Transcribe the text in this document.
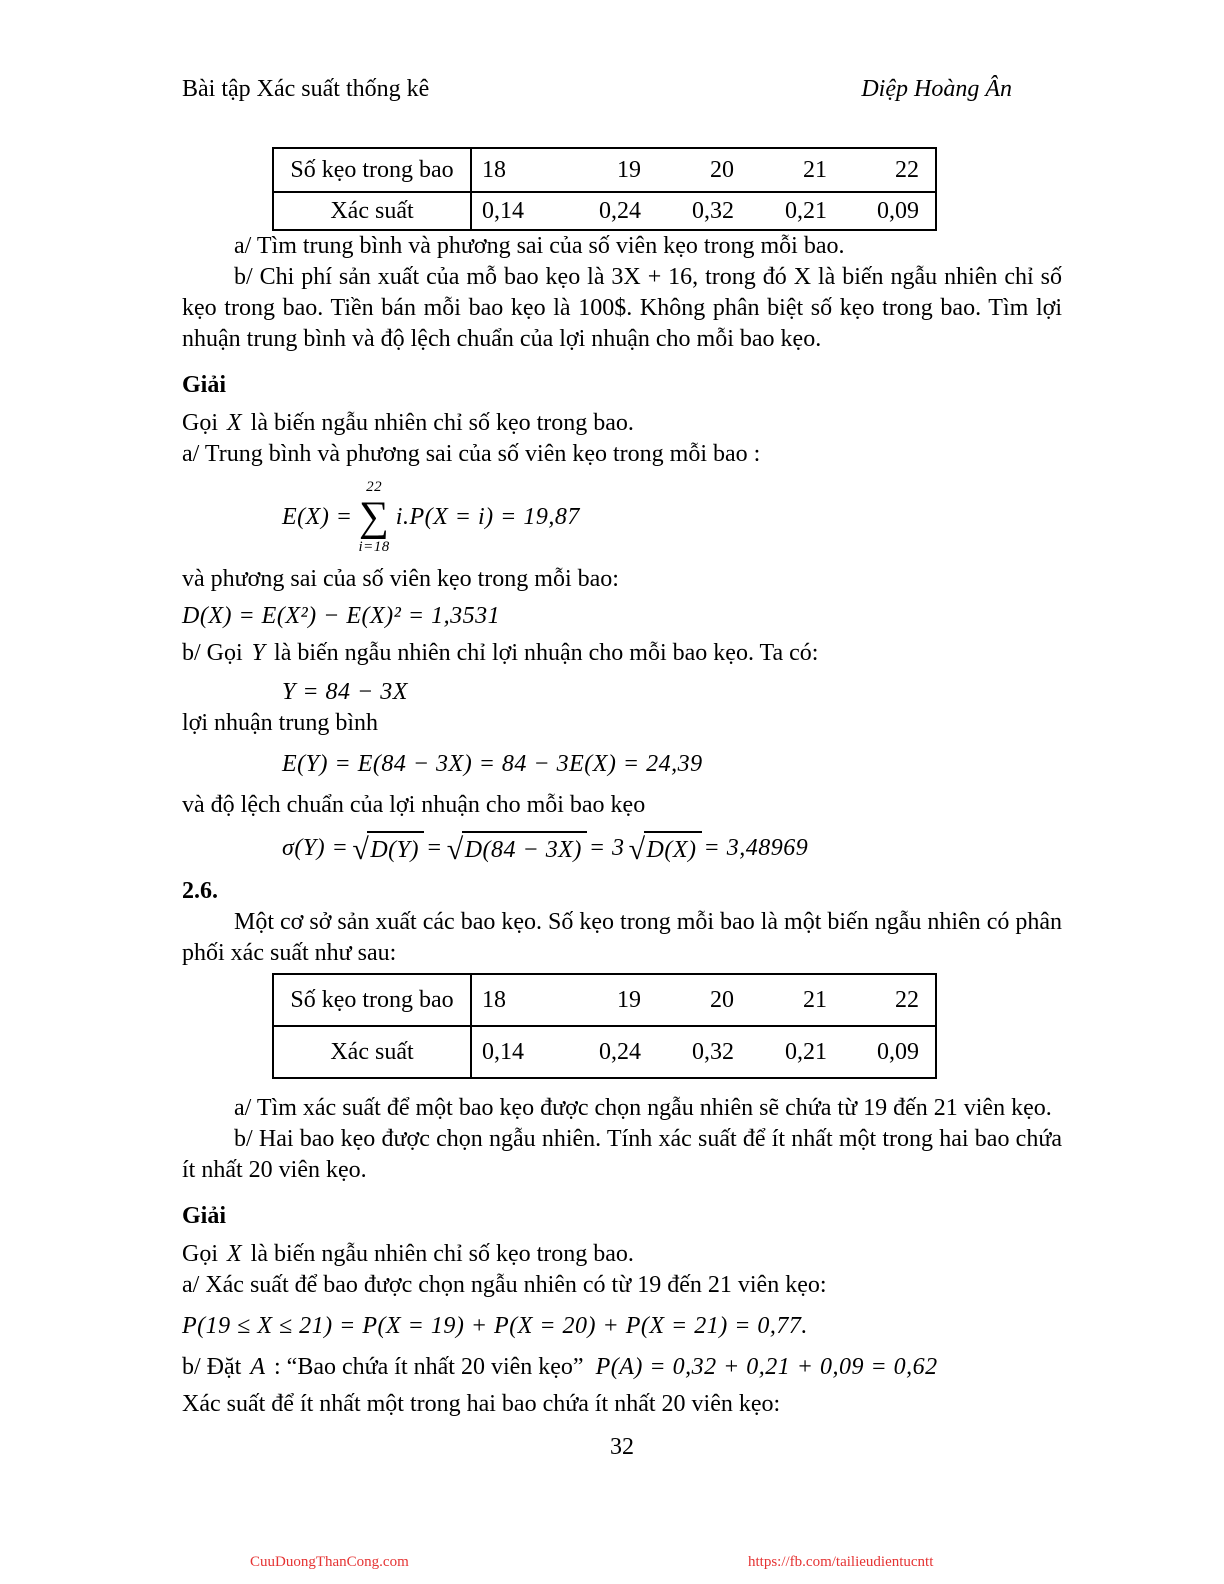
Bài tập Xác suất thống kê	Diệp Hoàng Ân
Số kẹo trong bao	18	19	20	21	22
Xác suất	0,14	0,24	0,32	0,21	0,09

a/ Tìm trung bình và phương sai của số viên kẹo trong mỗi bao.

b/ Chi phí sản xuất của mỗ bao kẹo là 3X + 16, trong đó X là biến ngẫu nhiên chỉ số kẹo trong bao. Tiền bán mỗi bao kẹo là 100$. Không phân biệt số kẹo trong bao. Tìm lợi nhuận trung bình và độ lệch chuẩn của lợi nhuận cho mỗi bao kẹo.

Giải

Gọi X là biến ngẫu nhiên chỉ số kẹo trong bao.

a/ Trung bình và phương sai của số viên kẹo trong mỗi bao :

E(X) =
22
∑
i=18
i.P(X = i) = 19,87

và phương sai của số viên kẹo trong mỗi bao:

D(X) = E(X²) − E(X)² = 1,3531

b/ Gọi Y là biến ngẫu nhiên chỉ lợi nhuận cho mỗi bao kẹo. Ta có:

Y = 84 − 3X

lợi nhuận trung bình

E(Y) = E(84 − 3X) = 84 − 3E(X) = 24,39

và độ lệch chuẩn của lợi nhuận cho mỗi bao kẹo

σ(Y) = √ D(Y) = √ D(84 − 3X) = 3 √ D(X) = 3,48969

2.6.

Một cơ sở sản xuất các bao kẹo. Số kẹo trong mỗi bao là một biến ngẫu nhiên có phân phối xác suất như sau:

Số kẹo trong bao	18	19	20	21	22
Xác suất	0,14	0,24	0,32	0,21	0,09

a/ Tìm xác suất để một bao kẹo được chọn ngẫu nhiên sẽ chứa từ 19 đến 21 viên kẹo.

b/ Hai bao kẹo được chọn ngẫu nhiên. Tính xác suất để ít nhất một trong hai bao chứa ít nhất 20 viên kẹo.

Giải

Gọi X là biến ngẫu nhiên chỉ số kẹo trong bao.

a/ Xác suất để bao được chọn ngẫu nhiên có từ 19 đến 21 viên kẹo:

P(19 ≤ X ≤ 21) = P(X = 19) + P(X = 20) + P(X = 21) = 0,77.

b/ Đặt A : “Bao chứa ít nhất 20 viên kẹo” P(A) = 0,32 + 0,21 + 0,09 = 0,62

Xác suất để ít nhất một trong hai bao chứa ít nhất 20 viên kẹo:

32

CuuDuongThanCong.com	https://fb.com/tailieudientucntt
